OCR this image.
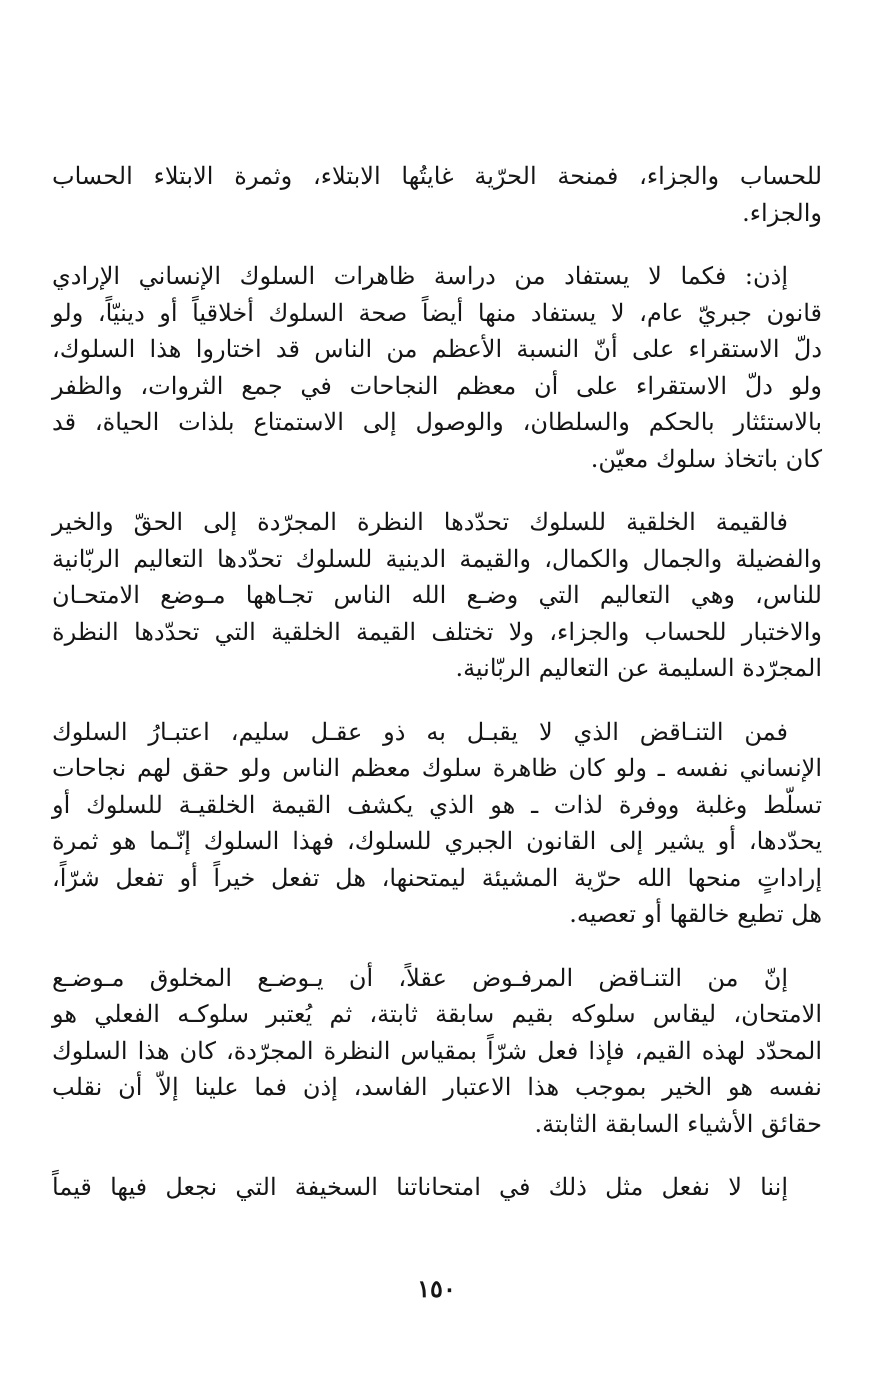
للحساب والجزاء، فمنحة الحرّية غايتُها الابتلاء، وثمرة الابتلاء الحساب
والجزاء.
إذن: فكما لا يستفاد من دراسة ظاهرات السلوك الإنساني الإرادي
قانون جبريّ عام، لا يستفاد منها أيضاً صحة السلوك أخلاقياً أو دينيّاً، ولو
دلّ الاستقراء على أنّ النسبة الأعظم من الناس قد اختاروا هذا السلوك،
ولو دلّ الاستقراء على أن معظم النجاحات في جمع الثروات، والظفر
بالاستئثار بالحكم والسلطان، والوصول إلى الاستمتاع بلذات الحياة، قد
كان باتخاذ سلوك معيّن.
فالقيمة الخلقية للسلوك تحدّدها النظرة المجرّدة إلى الحقّ والخير
والفضيلة والجمال والكمال، والقيمة الدينية للسلوك تحدّدها التعاليم الربّانية
للناس، وهي التعاليم التي وضـع الله الناس تجـاهها مـوضع الامتحـان
والاختبار للحساب والجزاء، ولا تختلف القيمة الخلقية التي تحدّدها النظرة
المجرّدة السليمة عن التعاليم الربّانية.
فمن التنـاقض الذي لا يقبـل به ذو عقـل سليم، اعتبـارُ السلوك
الإنساني نفسه ـ ولو كان ظاهرة سلوك معظم الناس ولو حقق لهم نجاحات
تسلّط وغلبة ووفرة لذات ـ هو الذي يكشف القيمة الخلقيـة للسلوك أو
يحدّدها، أو يشير إلى القانون الجبري للسلوك، فهذا السلوك إنّـما هو ثمرة
إراداتٍ منحها الله حرّية المشيئة ليمتحنها، هل تفعل خيراً أو تفعل شرّاً،
هل تطيع خالقها أو تعصيه.
إنّ من التنـاقض المرفـوض عقلاً، أن يـوضـع المخلوق مـوضـع
الامتحان، ليقاس سلوكه بقيم سابقة ثابتة، ثم يُعتبر سلوكـه الفعلي هو
المحدّد لهذه القيم، فإذا فعل شرّاً بمقياس النظرة المجرّدة، كان هذا السلوك
نفسه هو الخير بموجب هذا الاعتبار الفاسد، إذن فما علينا إلاّ أن نقلب
حقائق الأشياء السابقة الثابتة.
إننا لا نفعل مثل ذلك في امتحاناتنا السخيفة التي نجعل فيها قيماً
١٥٠
